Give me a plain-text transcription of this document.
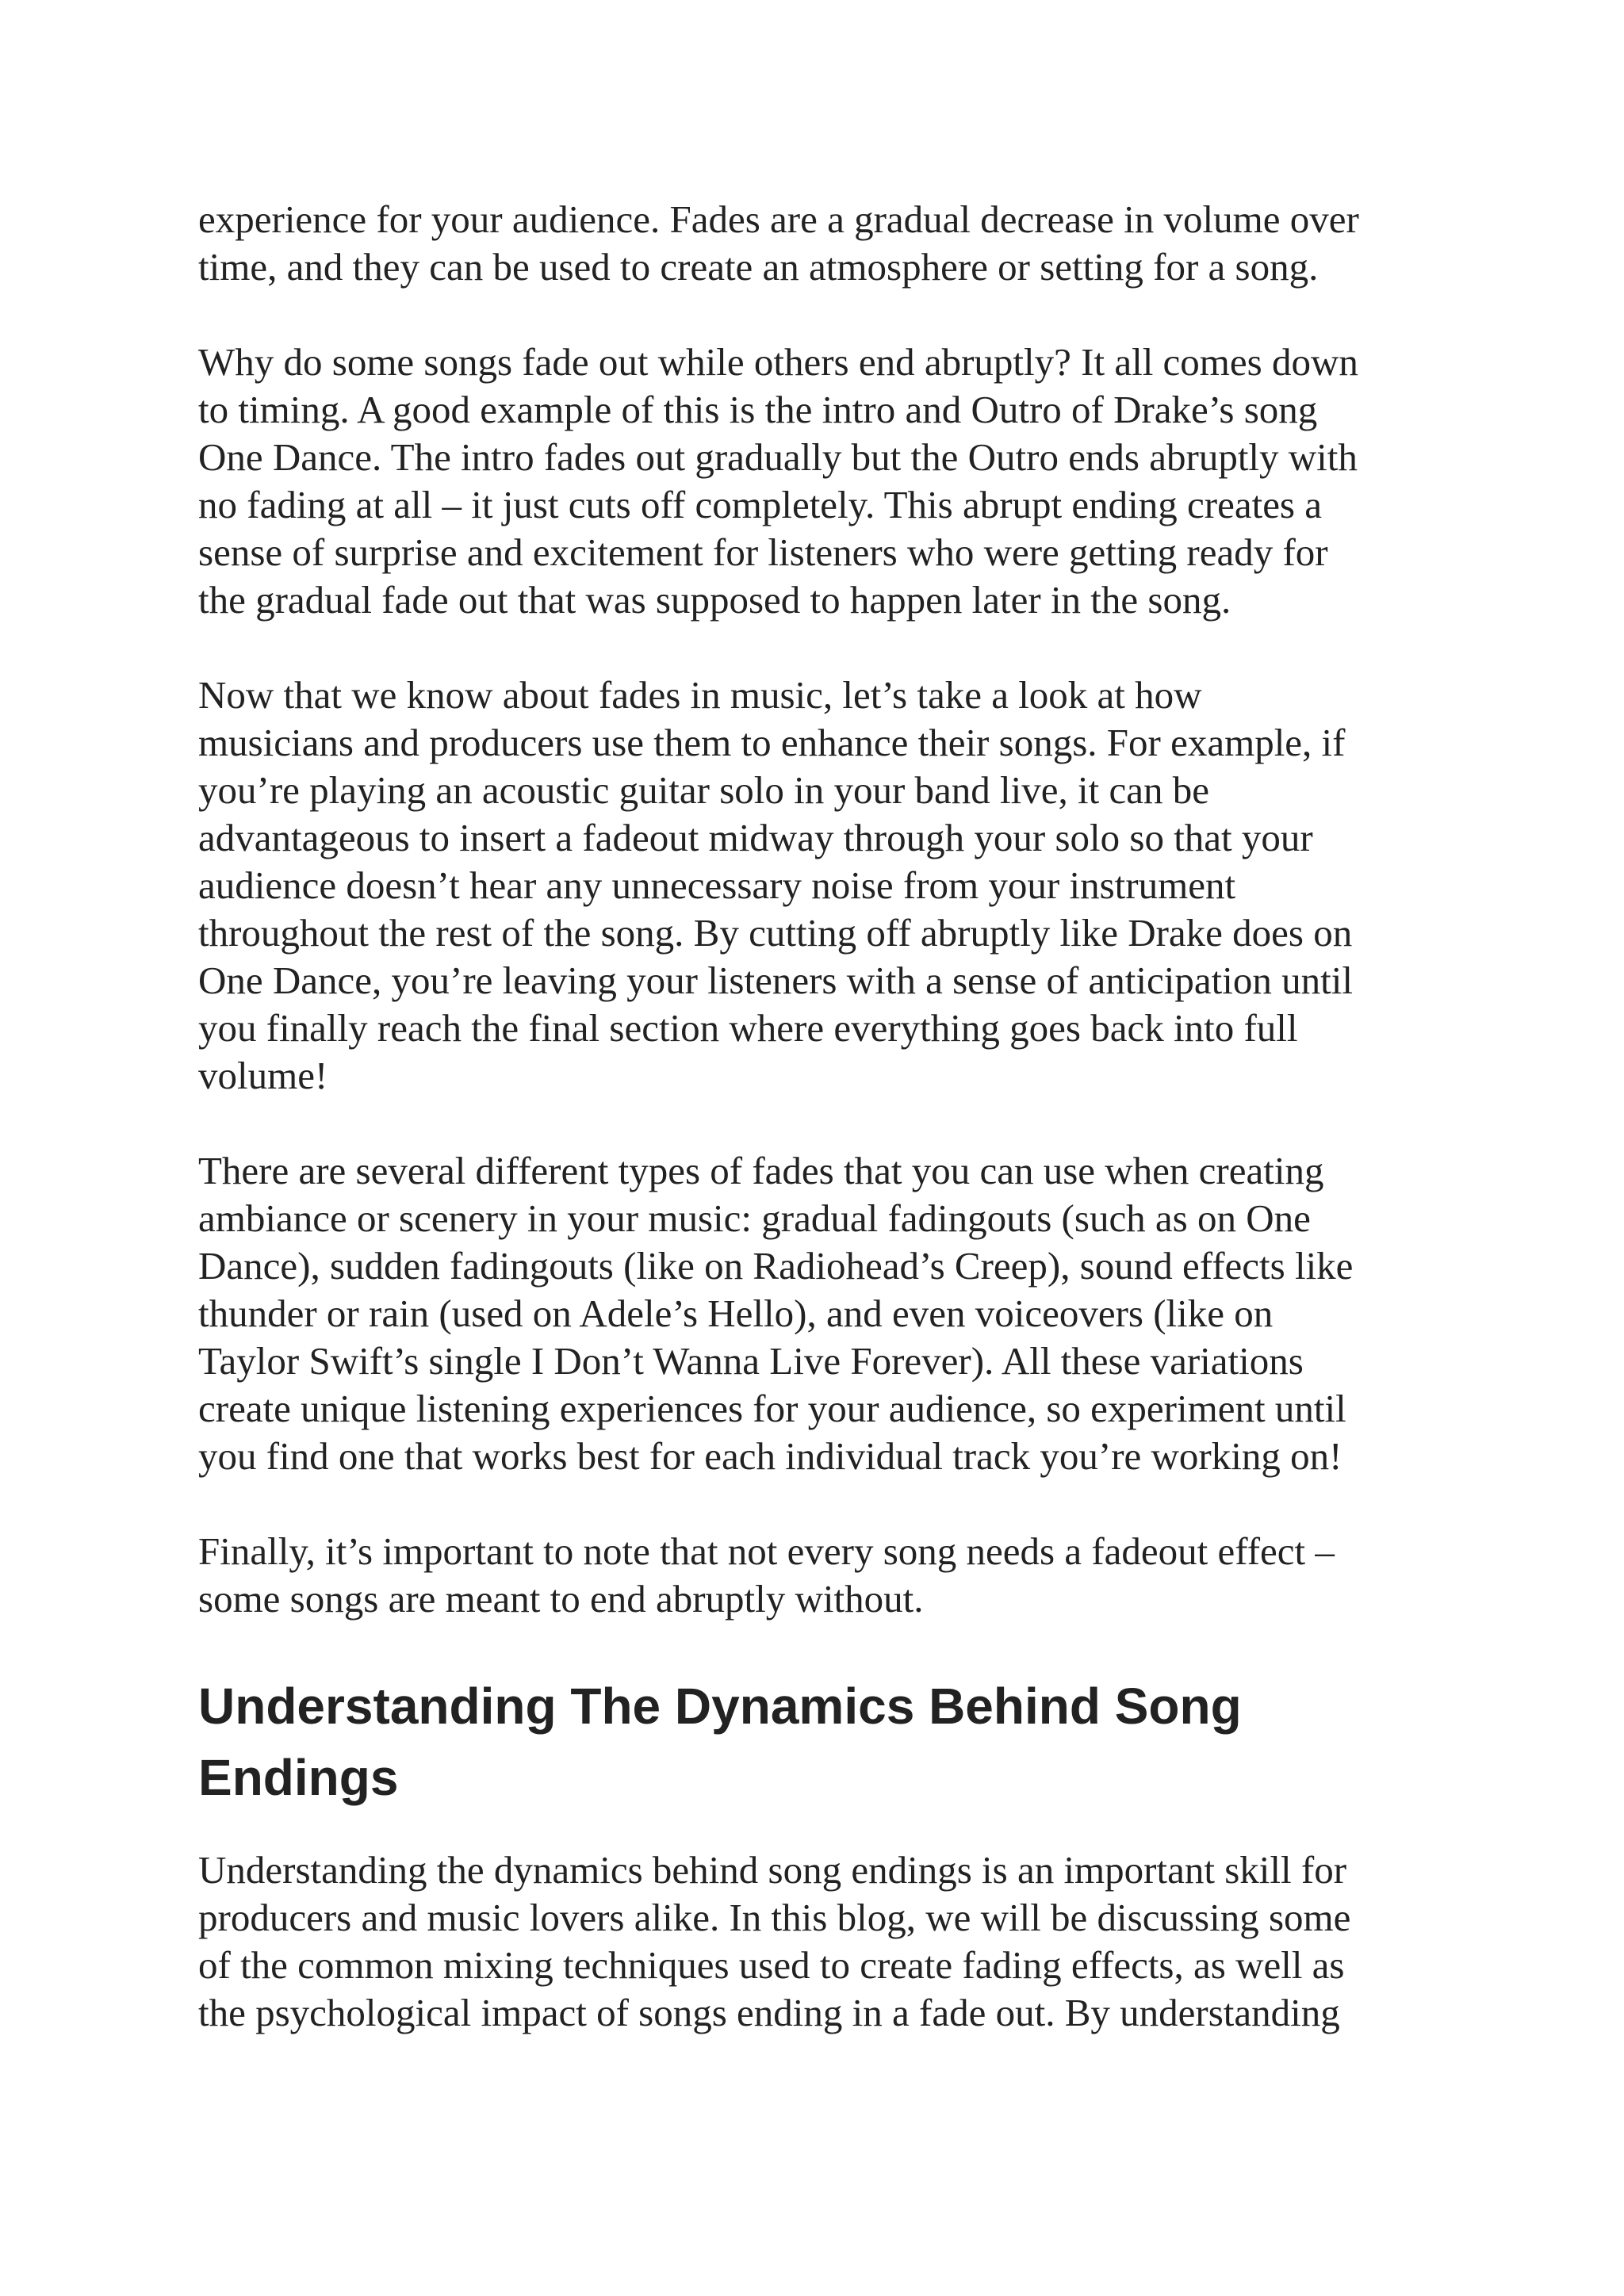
experience for your audience. Fades are a gradual decrease in volume over
time, and they can be used to create an atmosphere or setting for a song.

Why do some songs fade out while others end abruptly? It all comes down
to timing. A good example of this is the intro and Outro of Drake’s song
One Dance. The intro fades out gradually but the Outro ends abruptly with
no fading at all – it just cuts off completely. This abrupt ending creates a
sense of surprise and excitement for listeners who were getting ready for
the gradual fade out that was supposed to happen later in the song.

Now that we know about fades in music, let’s take a look at how
musicians and producers use them to enhance their songs. For example, if
you’re playing an acoustic guitar solo in your band live, it can be
advantageous to insert a fadeout midway through your solo so that your
audience doesn’t hear any unnecessary noise from your instrument
throughout the rest of the song. By cutting off abruptly like Drake does on
One Dance, you’re leaving your listeners with a sense of anticipation until
you finally reach the final section where everything goes back into full
volume!

There are several different types of fades that you can use when creating
ambiance or scenery in your music: gradual fadingouts (such as on One
Dance), sudden fadingouts (like on Radiohead’s Creep), sound effects like
thunder or rain (used on Adele’s Hello), and even voiceovers (like on
Taylor Swift’s single I Don’t Wanna Live Forever). All these variations
create unique listening experiences for your audience, so experiment until
you find one that works best for each individual track you’re working on!

Finally, it’s important to note that not every song needs a fadeout effect –
some songs are meant to end abruptly without.

Understanding The Dynamics Behind Song
Endings

Understanding the dynamics behind song endings is an important skill for
producers and music lovers alike. In this blog, we will be discussing some
of the common mixing techniques used to create fading effects, as well as
the psychological impact of songs ending in a fade out. By understanding
